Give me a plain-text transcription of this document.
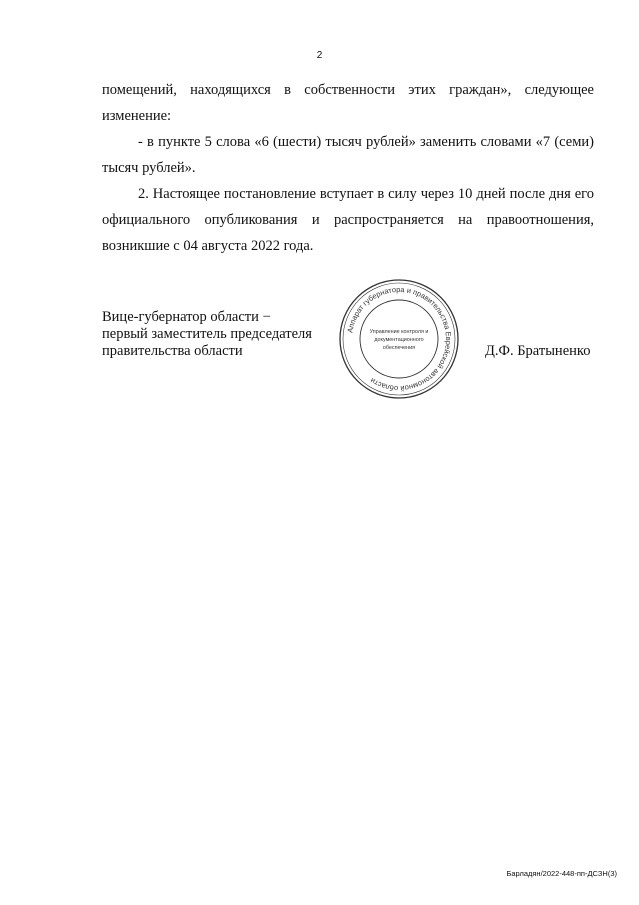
2

помещений, находящихся в собственности этих граждан», следующее изменение:

- в пункте 5 слова «6 (шести) тысяч рублей» заменить словами «7 (семи) тысяч рублей».

2. Настоящее постановление вступает в силу через 10 дней после дня его официального опубликования и распространяется на правоотношения, возникшие с 04 августа 2022 года.

Вице-губернатор области −
первый заместитель председателя
правительства области
Аппарат губернатора и правительства Еврейской автономной области
Управление контроля и
документационного
обеспечения	Д.Ф. Братыненко
Барладян/2022-448-пп-ДСЗН(3)
